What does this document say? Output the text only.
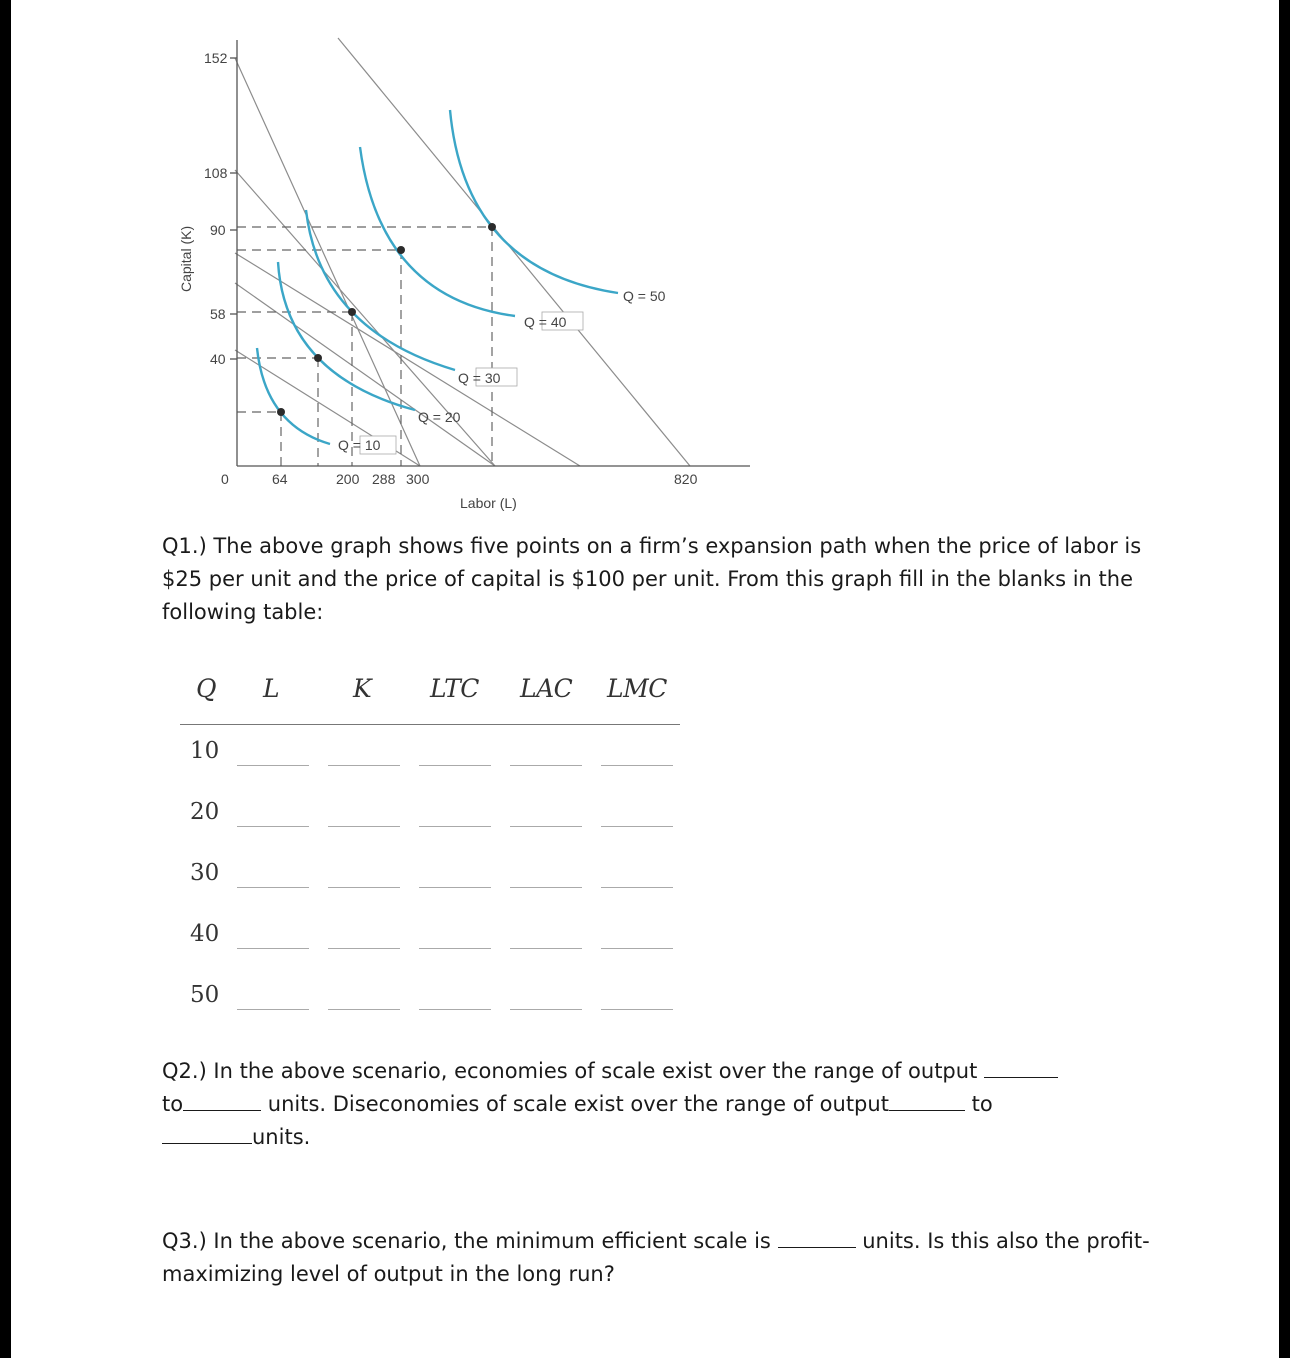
152
108
90
58
40
0	64	200 288 300	820
Labor (L)
Capital (K)
Q = 10
Q = 20
Q = 30
Q = 40
Q = 50
Q1.) The above graph shows five points on a firm’s expansion path when the price of labor is $25 per unit and the price of capital is $100 per unit. From this graph fill in the blanks in the following table:
Q L	K LTC LAC LMC
10
20
30
40
50
Q2.) In the above scenario, economies of scale exist over the range of output
to	units. Diseconomies of scale exist over the range of output	to
units.
Q3.) In the above scenario, the minimum efficient scale is	units. Is this also the profit-maximizing level of output in the long run?
